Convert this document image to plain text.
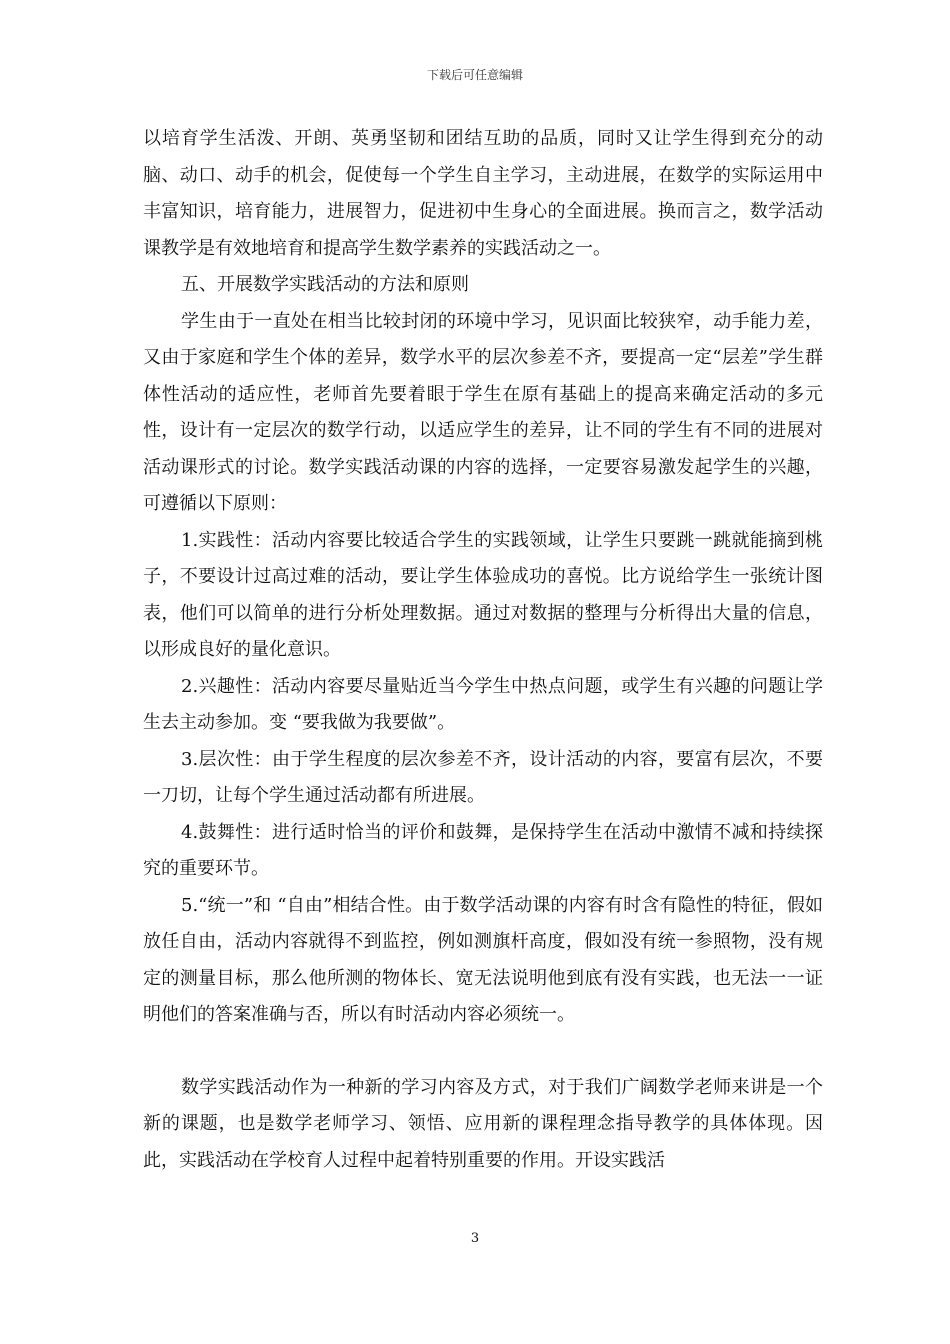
下载后可任意编辑

以培育学生活泼、开朗、英勇坚韧和团结互助的品质，同时又让学生得到充分的动脑、动口、动手的机会，促使每一个学生自主学习，主动进展，在数学的实际运用中丰富知识，培育能力，进展智力，促进初中生身心的全面进展。换而言之，数学活动课教学是有效地培育和提高学生数学素养的实践活动之一。

五、开展数学实践活动的方法和原则

学生由于一直处在相当比较封闭的环境中学习，见识面比较狭窄，动手能力差，又由于家庭和学生个体的差异，数学水平的层次参差不齐，要提高一定“层差”学生群体性活动的适应性，老师首先要着眼于学生在原有基础上的提高来确定活动的多元性，设计有一定层次的数学行动，以适应学生的差异，让不同的学生有不同的进展对活动课形式的讨论。数学实践活动课的内容的选择，一定要容易激发起学生的兴趣，可遵循以下原则：

1.实践性：活动内容要比较适合学生的实践领域，让学生只要跳一跳就能摘到桃子，不要设计过高过难的活动，要让学生体验成功的喜悦。比方说给学生一张统计图表，他们可以简单的进行分析处理数据。通过对数据的整理与分析得出大量的信息，以形成良好的量化意识。

2.兴趣性：活动内容要尽量贴近当今学生中热点问题，或学生有兴趣的问题让学生去主动参加。变 “要我做为我要做”。

3.层次性：由于学生程度的层次参差不齐，设计活动的内容，要富有层次，不要一刀切，让每个学生通过活动都有所进展。

4.鼓舞性：进行适时恰当的评价和鼓舞，是保持学生在活动中激情不减和持续探究的重要环节。

5.“统一”和 “自由”相结合性。由于数学活动课的内容有时含有隐性的特征，假如放任自由，活动内容就得不到监控，例如测旗杆高度，假如没有统一参照物，没有规定的测量目标，那么他所测的物体长、宽无法说明他到底有没有实践，也无法一一证明他们的答案准确与否，所以有时活动内容必须统一。

数学实践活动作为一种新的学习内容及方式，对于我们广阔数学老师来讲是一个新的课题，也是数学老师学习、领悟、应用新的课程理念指导教学的具体体现。因此，实践活动在学校育人过程中起着特别重要的作用。开设实践活

3
